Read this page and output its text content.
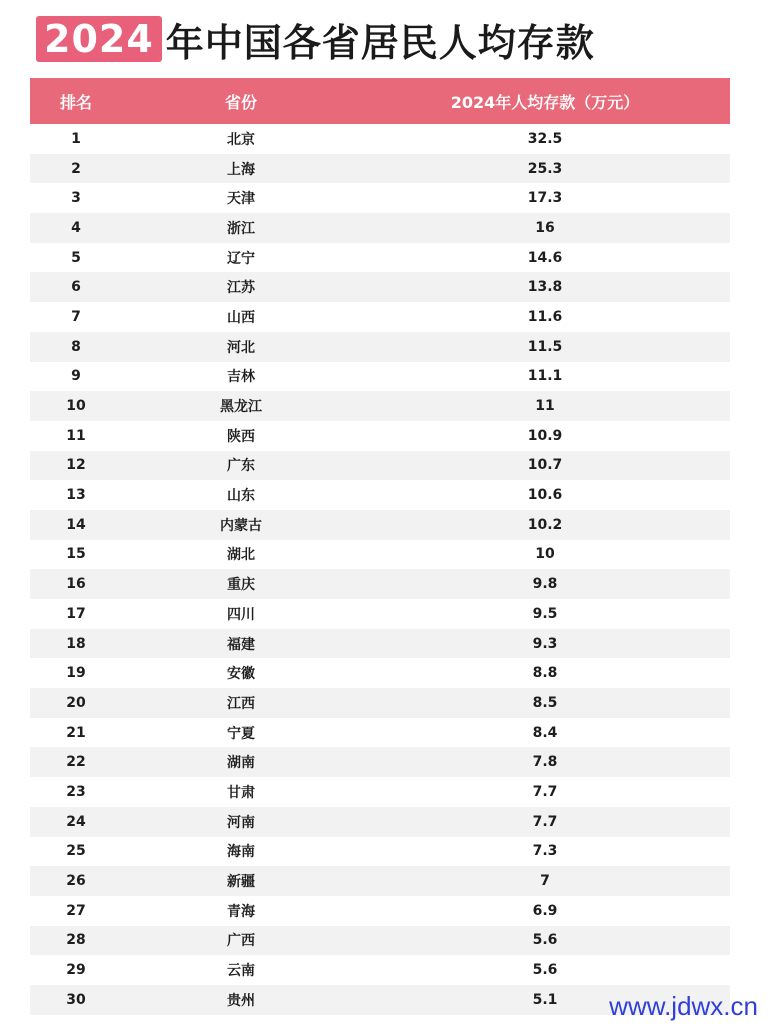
2024 年中国各省居民人均存款
排名	省份	2024年人均存款（万元）
1	北京	32.5
2	上海	25.3
3	天津	17.3
4	浙江	16
5	辽宁	14.6
6	江苏	13.8
7	山西	11.6
8	河北	11.5
9	吉林	11.1
10	黑龙江	11
11	陕西	10.9
12	广东	10.7
13	山东	10.6
14	内蒙古	10.2
15	湖北	10
16	重庆	9.8
17	四川	9.5
18	福建	9.3
19	安徽	8.8
20	江西	8.5
21	宁夏	8.4
22	湖南	7.8
23	甘肃	7.7
24	河南	7.7
25	海南	7.3
26	新疆	7
27	青海	6.9
28	广西	5.6
29	云南	5.6
30	贵州	5.1	www.jdwx.cn
